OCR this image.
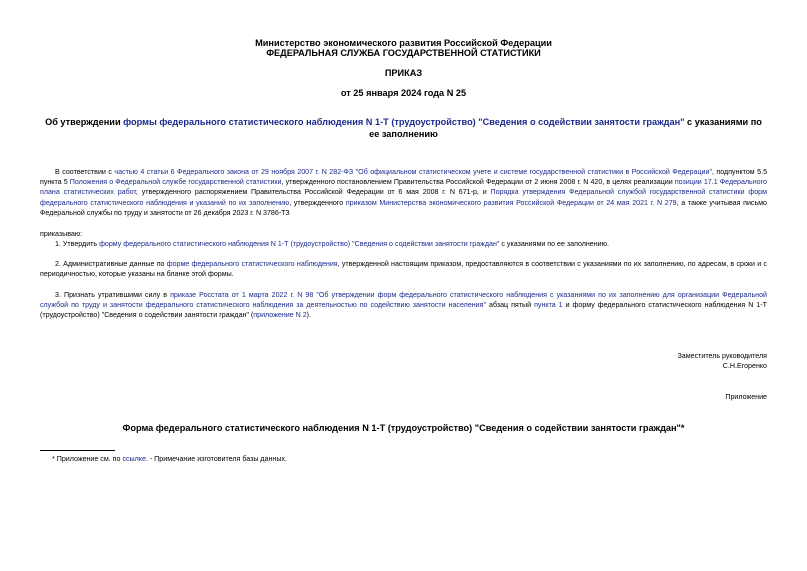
Министерство экономического развития Российской Федерации
ФЕДЕРАЛЬНАЯ СЛУЖБА ГОСУДАРСТВЕННОЙ СТАТИСТИКИ
ПРИКАЗ
от 25 января 2024 года N 25
Об утверждении формы федерального статистического наблюдения N 1-Т (трудоустройство) "Сведения о содействии занятости граждан" с указаниями по ее заполнению
В соответствии с частью 4 статьи 6 Федерального закона от 29 ноября 2007 г. N 282-ФЗ "Об официальном статистическом учете и системе государственной статистики в Российской Федерации", подпунктом 5.5 пункта 5 Положения о Федеральной службе государственной статистики, утвержденного постановлением Правительства Российской Федерации от 2 июня 2008 г. N 420, в целях реализации позиции 17.1 Федерального плана статистических работ, утвержденного распоряжением Правительства Российской Федерации от 6 мая 2008 г. N 671-р, и Порядка утверждения Федеральной службой государственной статистики форм федерального статистического наблюдения и указаний по их заполнению, утвержденного приказом Министерства экономического развития Российской Федерации от 24 мая 2021 г. N 279, а также учитывая письмо Федеральной службы по труду и занятости от 26 декабря 2023 г. N 3786-ТЗ
приказываю:
1. Утвердить форму федерального статистического наблюдения N 1-Т (трудоустройство) "Сведения о содействии занятости граждан" с указаниями по ее заполнению.
2. Административные данные по форме федерального статистического наблюдения, утвержденной настоящим приказом, предоставляются в соответствии с указаниями по их заполнению, по адресам, в сроки и с периодичностью, которые указаны на бланке этой формы.
3. Признать утратившими силу в приказе Росстата от 1 марта 2022 г. N 98 "Об утверждении форм федерального статистического наблюдения с указаниями по их заполнению для организации Федеральной службой по труду и занятости федерального статистического наблюдения за деятельностью по содействию занятости населения" абзац пятый пункта 1 и форму федерального статистического наблюдения N 1-Т (трудоустройство) "Сведения о содействии занятости граждан" (приложение N 2).
Заместитель руководителя
С.Н.Егоренко
Приложение
Форма федерального статистического наблюдения N 1-Т (трудоустройство) "Сведения о содействии занятости граждан"*
* Приложение см. по ссылке. - Примечание изготовителя базы данных.
